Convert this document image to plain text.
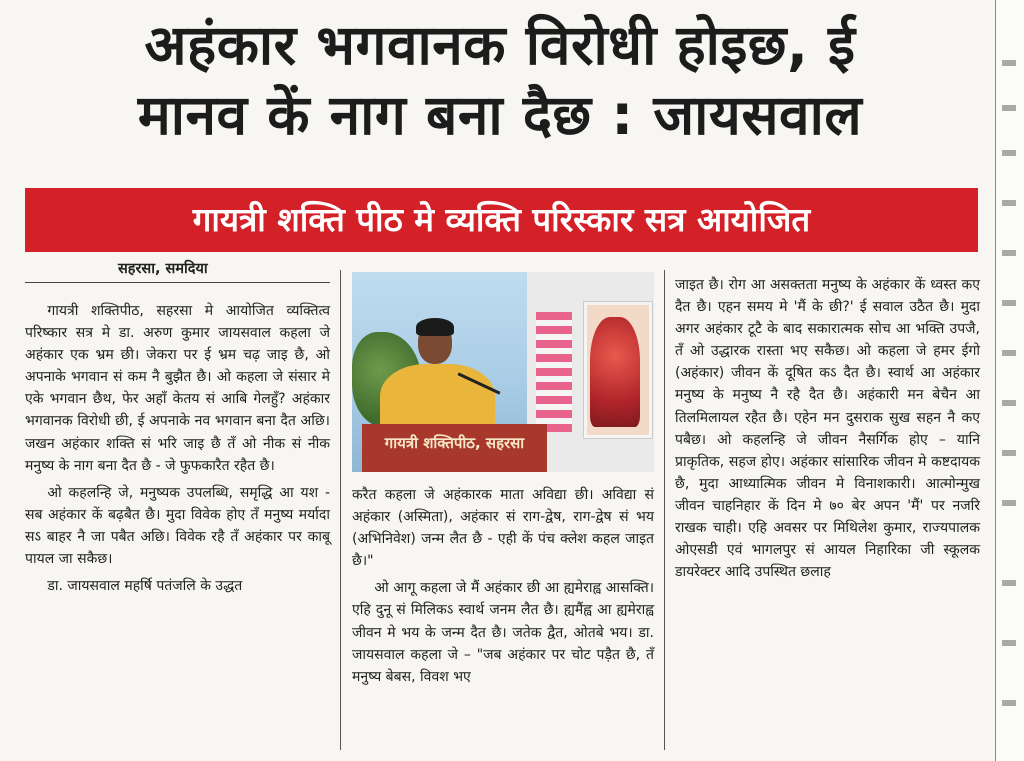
अहंकार भगवानक विरोधी होइछ, ई
मानव कें नाग बना दैछ : जायसवाल
गायत्री शक्ति पीठ मे व्यक्ति परिस्कार सत्र आयोजित
सहरसा, समदिया

गायत्री शक्तिपीठ, सहरसा मे आयोजित व्यक्तित्व परिष्कार सत्र मे डा. अरुण कुमार जायसवाल कहला जे अहंकार एक भ्रम छी। जेकरा पर ई भ्रम चढ़ जाइ छै, ओ अपनाके भगवान सं कम नै बुझैत छै। ओ कहला जे संसार मे एके भगवान छैथ, फेर अहाँ केतय सं आबि गेलहुँ? अहंकार भगवानक विरोधी छी, ई अपनाके नव भगवान बना दैत अछि। जखन अहंकार शक्ति सं भरि जाइ छै तँ ओ नीक सं नीक मनुष्य के नाग बना दैत छै - जे फुफकारैत रहैत छै।

ओ कहलन्हि जे, मनुष्यक उपलब्धि, समृद्धि आ यश - सब अहंकार कें बढ़बैत छै। मुदा विवेक होए तँ मनुष्य मर्यादा सऽ बाहर नै जा पबैत अछि। विवेक रहै तँ अहंकार पर काबू पायल जा सकैछ।

डा. जायसवाल महर्षि पतंजलि के उद्धत

गायत्री शक्तिपीठ, सहरसा

करैत कहला जे अहंकारक माता अविद्या छी। अविद्या सं अहंकार (अस्मिता), अहंकार सं राग-द्वेष, राग-द्वेष सं भय (अभिनिवेश) जन्म लैत छै - एही कें पंच क्लेश कहल जाइत छै।"

ओ आगू कहला जे मैं अहंकार छी आ ह्यमेराह्व आसक्ति। एहि दुनू सं मिलिकऽ स्वार्थ जनम लैत छै। ह्यमैंह्व आ ह्यमेराह्व जीवन मे भय के जन्म दैत छै। जतेक द्वैत, ओतबे भय। डा. जायसवाल कहला जे – "जब अहंकार पर चोट पड़ैत छै, तँ मनुष्य बेबस, विवश भए

जाइत छै। रोग आ असक्तता मनुष्य के अहंकार कें ध्वस्त कए दैत छै। एहन समय मे 'मैं के छी?' ई सवाल उठैत छै। मुदा अगर अहंकार टूटै के बाद सकारात्मक सोच आ भक्ति उपजै, तँ ओ उद्धारक रास्ता भए सकैछ। ओ कहला जे हमर ईगो (अहंकार) जीवन कें दूषित कऽ दैत छै। स्वार्थ आ अहंकार मनुष्य के मनुष्य नै रहै दैत छै। अहंकारी मन बेचैन आ तिलमिलायल रहैत छै। एहेन मन दुसराक सुख सहन नै कए पबैछ। ओ कहलन्हि जे जीवन नैसर्गिक होए – यानि प्राकृतिक, सहज होए। अहंकार सांसारिक जीवन मे कष्टदायक छै, मुदा आध्यात्मिक जीवन मे विनाशकारी। आत्मोन्मुख जीवन चाहनिहार कें दिन मे ७० बेर अपन 'मैं' पर नजरि राखक चाही। एहि अवसर पर मिथिलेश कुमार, राज्यपालक ओएसडी एवं भागलपुर सं आयल निहारिका जी स्कूलक डायरेक्टर आदि उपस्थित छलाह
